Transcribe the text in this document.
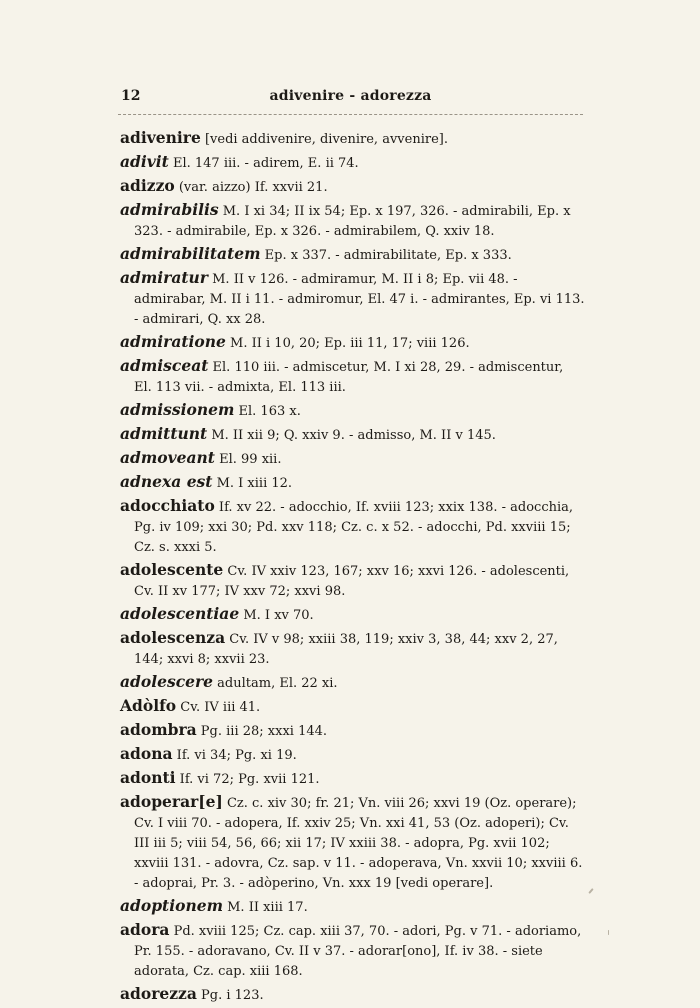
12	adivenire - adorezza

adivenire [vedi addivenire, divenire, avvenire].

adivit El. 147 iii. - adirem, E. ii 74.

adizzo (var. aizzo) If. xxvii 21.

admirabilis M. I xi 34; II ix 54; Ep. x 197, 326. - admirabili, Ep. x 323. - admirabile, Ep. x 326. - admirabilem, Q. xxiv 18.

admirabilitatem Ep. x 337. - admirabilitate, Ep. x 333.

admiratur M. II v 126. - admiramur, M. II i 8; Ep. vii 48. - admirabar, M. II i 11. - admiromur, El. 47 i. - admirantes, Ep. vi 113. - admirari, Q. xx 28.

admiratione M. II i 10, 20; Ep. iii 11, 17; viii 126.

admisceat El. 110 iii. - admiscetur, M. I xi 28, 29. - admiscentur, El. 113 vii. - admixta, El. 113 iii.

admissionem El. 163 x.

admittunt M. II xii 9; Q. xxiv 9. - admisso, M. II v 145.

admoveant El. 99 xii.

adnexa est M. I xiii 12.

adocchiato If. xv 22. - adocchio, If. xviii 123; xxix 138. - adocchia, Pg. iv 109; xxi 30; Pd. xxv 118; Cz. c. x 52. - adocchi, Pd. xxviii 15; Cz. s. xxxi 5.

adolescente Cv. IV xxiv 123, 167; xxv 16; xxvi 126. - adolescenti, Cv. II xv 177; IV xxv 72; xxvi 98.

adolescentiae M. I xv 70.

adolescenza Cv. IV v 98; xxiii 38, 119; xxiv 3, 38, 44; xxv 2, 27, 144; xxvi 8; xxvii 23.

adolescere adultam, El. 22 xi.

Adòlfo Cv. IV iii 41.

adombra Pg. iii 28; xxxi 144.

adona If. vi 34; Pg. xi 19.

adonti If. vi 72; Pg. xvii 121.

adoperar[e] Cz. c. xiv 30; fr. 21; Vn. viii 26; xxvi 19 (Oz. operare); Cv. I viii 70. - adopera, If. xxiv 25; Vn. xxi 41, 53 (Oz. adoperi); Cv. III iii 5; viii 54, 56, 66; xii 17; IV xxiii 38. - adopra, Pg. xvii 102; xxviii 131. - adovra, Cz. sap. v 11. - adoperava, Vn. xxvii 10; xxviii 6. - adoprai, Pr. 3. - adòperino, Vn. xxx 19 [vedi operare].

adoptionem M. II xiii 17.

adora Pd. xviii 125; Cz. cap. xiii 37, 70. - adori, Pg. v 71. - adoriamo, Pr. 155. - adoravano, Cv. II v 37. - adorar[ono], If. iv 38. - siete adorata, Cz. cap. xiii 168.

adorezza Pg. i 123.
